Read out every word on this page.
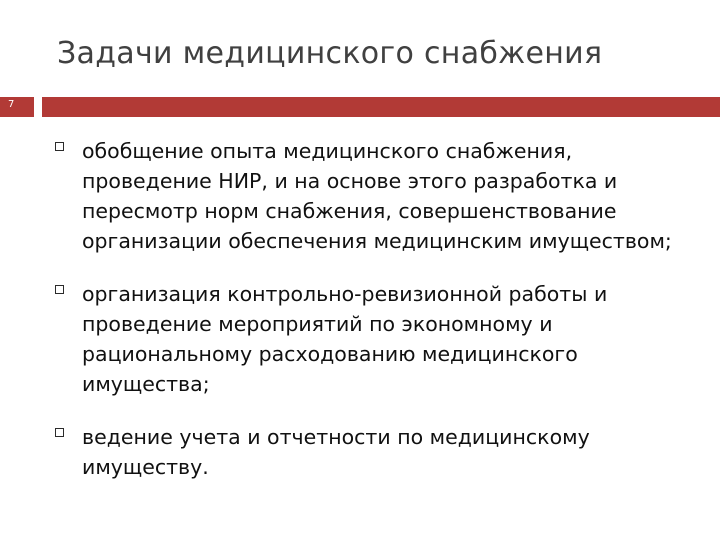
Задачи медицинского снабжения
7
обобщение опыта медицинского снабжения,
проведение НИР, и на основе этого разработка и
пересмотр норм снабжения, совершенствование
организации обеспечения медицинским имуществом;
организация контрольно-ревизионной работы и
проведение мероприятий по экономному и
рациональному расходованию медицинского
имущества;
ведение учета и отчетности по медицинскому
имуществу.
